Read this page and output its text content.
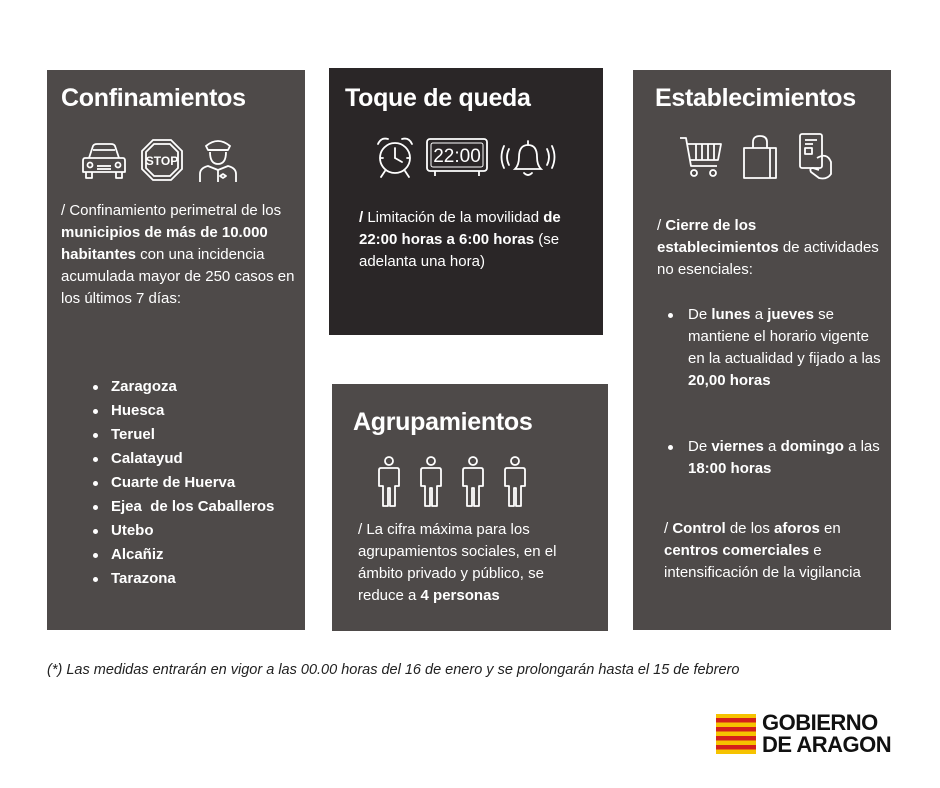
Confinamientos
STOP
/ Confinamiento perimetral de los municipios de más de 10.000 habitantes con una incidencia acumulada mayor de 250 casos en los últimos 7 días:
Zaragoza
Huesca
Teruel
Calatayud
Cuarte de Huerva
Ejea  de los Caballeros
Utebo
Alcañiz
Tarazona
Toque de queda
22:00
/ Limitación de la movilidad de 22:00 horas a 6:00 horas (se adelanta una hora)
Agrupamientos
/ La cifra máxima para los agrupamientos sociales, en el ámbito privado y público, se reduce a 4 personas
Establecimientos
/ Cierre de los establecimientos de actividades no esenciales:
De lunes a jueves se mantiene el horario vigente en la actualidad y fijado a las 20,00 horas
De viernes a domingo a las 18:00 horas
/ Control de los aforos en centros comerciales e intensificación de la vigilancia
(*) Las medidas entrarán en vigor a las 00.00 horas del 16 de enero y se prolongarán hasta el 15 de febrero
GOBIERNO
DE ARAGON
